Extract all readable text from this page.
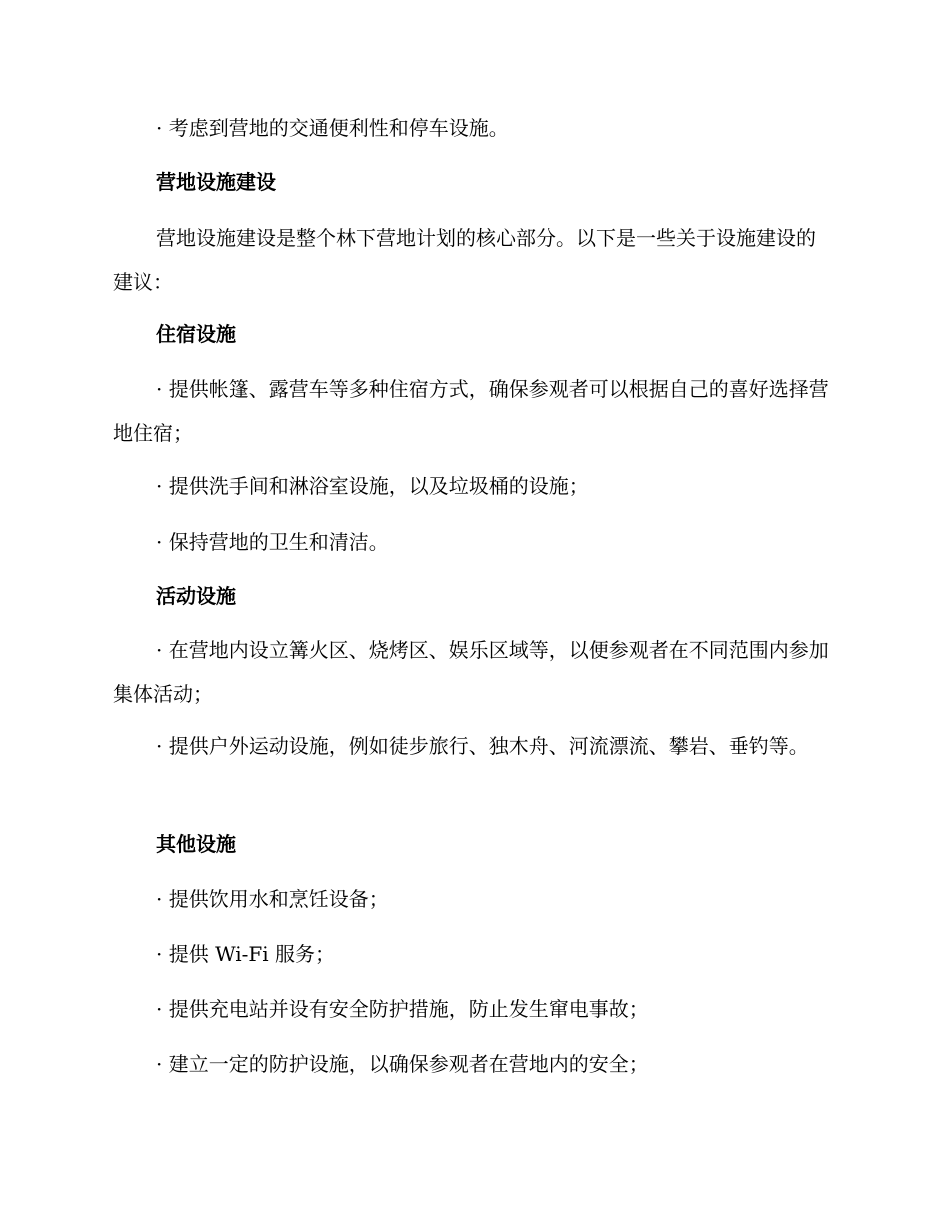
· 考虑到营地的交通便利性和停车设施。

营地设施建设

营地设施建设是整个林下营地计划的核心部分。以下是一些关于设施建设的建议：

住宿设施

· 提供帐篷、露营车等多种住宿方式，确保参观者可以根据自己的喜好选择营地住宿；

· 提供洗手间和淋浴室设施，以及垃圾桶的设施；

· 保持营地的卫生和清洁。

活动设施

· 在营地内设立篝火区、烧烤区、娱乐区域等，以便参观者在不同范围内参加集体活动；

· 提供户外运动设施，例如徒步旅行、独木舟、河流漂流、攀岩、垂钓等。

其他设施

· 提供饮用水和烹饪设备；

· 提供 Wi-Fi 服务；

· 提供充电站并设有安全防护措施，防止发生窜电事故；

· 建立一定的防护设施，以确保参观者在营地内的安全；
